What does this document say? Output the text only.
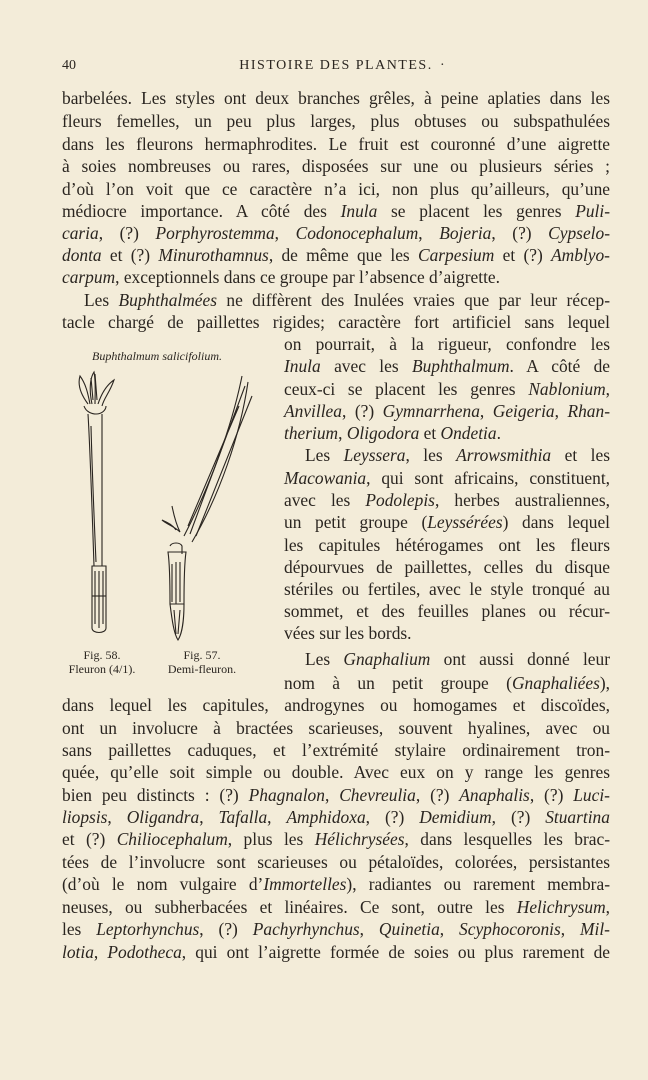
40	HISTOIRE DES PLANTES. ·
barbelées. Les styles ont deux branches grêles, à peine aplaties dans les
fleurs femelles, un peu plus larges, plus obtuses ou subspathulées
dans les fleurons hermaphrodites. Le fruit est couronné d’une aigrette
à soies nombreuses ou rares, disposées sur une ou plusieurs séries ;
d’où l’on voit que ce caractère n’a ici, non plus qu’ailleurs, qu’une
médiocre importance. A côté des Inula se placent les genres Puli-
caria, (?) Porphyrostemma, Codonocephalum, Bojeria, (?) Cypselo-
donta et (?) Minurothamnus, de même que les Carpesium et (?) Amblyo-
carpum, exceptionnels dans ce groupe par l’absence d’aigrette.
Les Buphthalmées ne diffèrent des Inulées vraies que par leur récep-
tacle chargé de paillettes rigides; caractère fort artificiel sans lequel
on pourrait, à la rigueur, confondre les
Inula avec les Buphthalmum. A côté de
ceux-ci se placent les genres Nablonium,
Anvillea, (?) Gymnarrhena, Geigeria, Rhan-
therium, Oligodora et Ondetia.
Les Leyssera, les Arrowsmithia et les
Macowania, qui sont africains, constituent,
avec les Podolepis, herbes australiennes,
un petit groupe (Leyssérées) dans lequel
les capitules hétérogames ont les fleurs
dépourvues de paillettes, celles du disque
stériles ou fertiles, avec le style tronqué au
sommet, et des feuilles planes ou récur-
vées sur les bords.
Les Gnaphalium ont aussi donné leur
nom à un petit groupe (Gnaphaliées),
dans lequel les capitules, androgynes ou homogames et discoïdes,
ont un involucre à bractées scarieuses, souvent hyalines, avec ou
sans paillettes caduques, et l’extrémité stylaire ordinairement tron-
quée, qu’elle soit simple ou double. Avec eux on y range les genres
bien peu distincts : (?) Phagnalon, Chevreulia, (?) Anaphalis, (?) Luci-
liopsis, Oligandra, Tafalla, Amphidoxa, (?) Demidium, (?) Stuartina
et (?) Chiliocephalum, plus les Hélichrysées, dans lesquelles les brac-
tées de l’involucre sont scarieuses ou pétaloïdes, colorées, persistantes
(d’où le nom vulgaire d’Immortelles), radiantes ou rarement membra-
neuses, ou subherbacées et linéaires. Ce sont, outre les Helichrysum,
les Leptorhynchus, (?) Pachyrhynchus, Quinetia, Scyphocoronis, Mil-
lotia, Podotheca, qui ont l’aigrette formée de soies ou plus rarement de
Buphthalmum salicifolium.
Fig. 58.
Fleuron (4/1).
Fig. 57.
Demi-fleuron.
